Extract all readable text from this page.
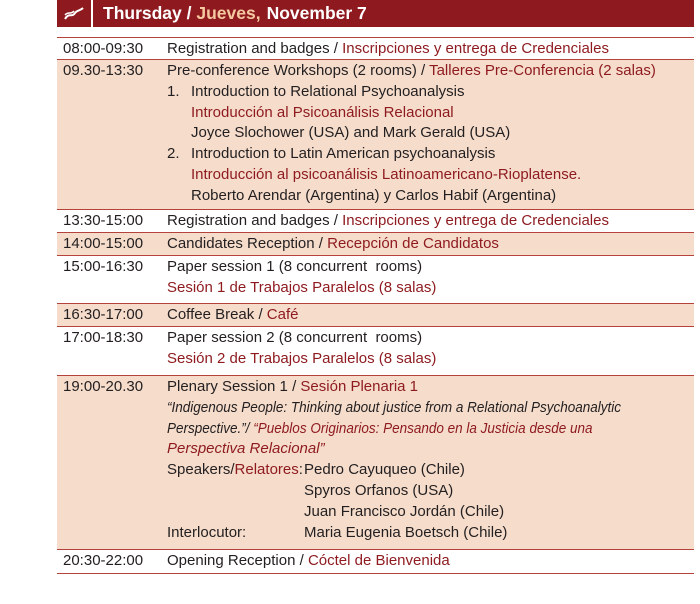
Thursday / Jueves, November 7
08:00-09:30 Registration and badges / Inscripciones y entrega de Credenciales
09.30-13:30 Pre-conference Workshops (2 rooms) / Talleres Pre-Conferencia (2 salas)
1. Introduction to Relational Psychoanalysis
Introducción al Psicoanálisis Relacional
Joyce Slochower (USA) and Mark Gerald (USA)
2. Introduction to Latin American psychoanalysis
Introducción al psicoanálisis Latinoamericano-Rioplatense.
Roberto Arendar (Argentina) y Carlos Habif (Argentina)
13:30-15:00 Registration and badges / Inscripciones y entrega de Credenciales
14:00-15:00 Candidates Reception / Recepción de Candidatos
15:00-16:30 Paper session 1 (8 concurrent  rooms)
Sesión 1 de Trabajos Paralelos (8 salas)
16:30-17:00 Coffee Break / Café
17:00-18:30 Paper session 2 (8 concurrent  rooms)
Sesión 2 de Trabajos Paralelos (8 salas)
19:00-20.30 Plenary Session 1 / Sesión Plenaria 1
“Indigenous People: Thinking about justice from a Relational Psychoanalytic
Perspective.”/ “Pueblos Originarios: Pensando en la Justicia desde una
Perspectiva Relacional”
Speakers/Relatores: Pedro Cayuqueo (Chile)
Spyros Orfanos (USA)
Juan Francisco Jordán (Chile)
Interlocutor:	Maria Eugenia Boetsch (Chile)
20:30-22:00 Opening Reception / Cóctel de Bienvenida
